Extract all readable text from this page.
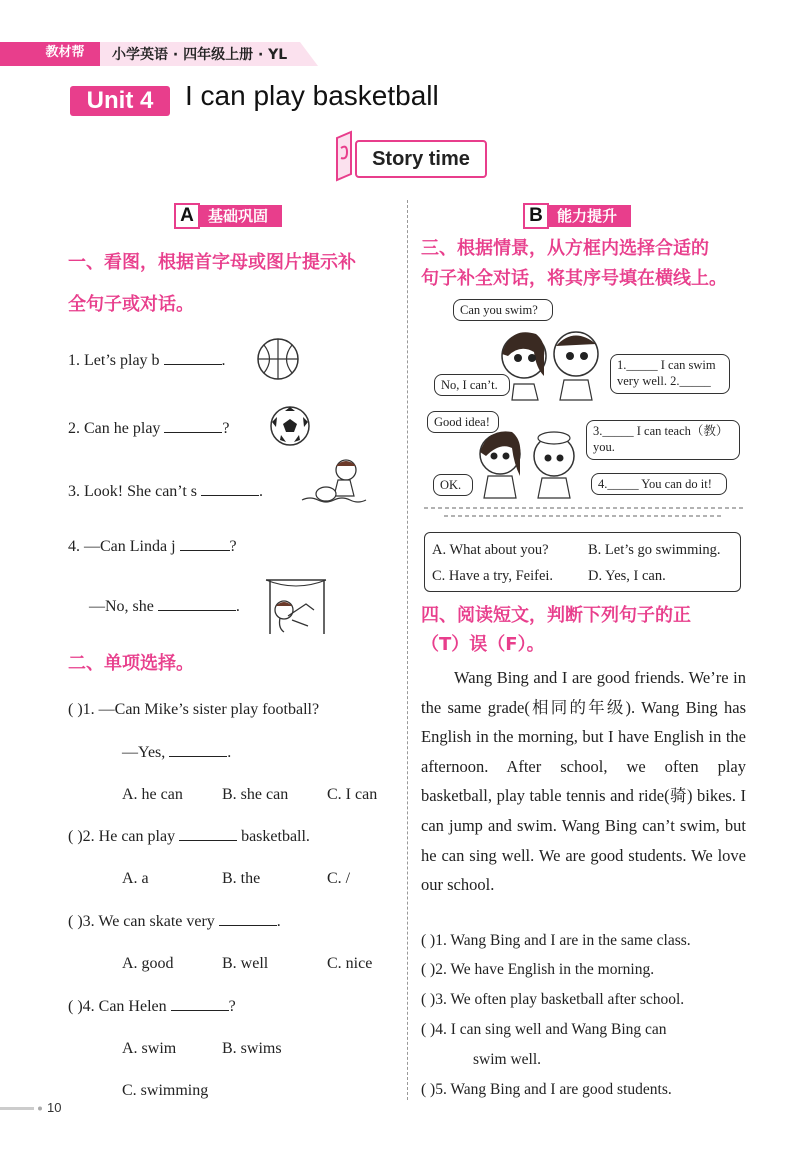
教材帮	小学英语 · 四年级上册 · YL
Unit 4	I can play basketball
Story time
A 基础巩固	B 能力提升
一、看图，根据首字母或图片提示补
全句子或对话。
1. Let’s play b	.
2. Can he play	?
3. Look! She can’t s	.
4. —Can Linda j	?
—No, she	.
二、单项选择。
( )1. —Can Mike’s sister play football?
—Yes,	.
A. he can B. she can C. I can
( )2. He can play	basketball.
A. a	B. the	C. /
( )3. We can skate very	.
A. good	B. well	C. nice
( )4. Can Helen	?
A. swim	B. swims
C. swimming
三、根据情景，从方框内选择合适的
句子补全对话，将其序号填在横线上。
Can you swim?
No, I can’t.
1._____ I can swim
very well. 2._____
Good idea!
3._____ I can teach（教）
you.
OK.	4._____ You can do it!
A. What about you?	B. Let’s go swimming.
C. Have a try, Feifei. D. Yes, I can.
四、阅读短文，判断下列句子的正
（T）误（F）。

Wang Bing and I are good friends. We’re in the same grade(相同的年级). Wang Bing has English in the morning, but I have English in the afternoon. After school, we often play basketball, play table tennis and ride(骑) bikes. I can jump and swim. Wang Bing can’t swim, but he can sing well. We are good students. We love our school.

( )1. Wang Bing and I are in the same class.
( )2. We have English in the morning.
( )3. We often play basketball after school.
( )4. I can sing well and Wang Bing can
swim well.
( )5. Wang Bing and I are good students.
10
